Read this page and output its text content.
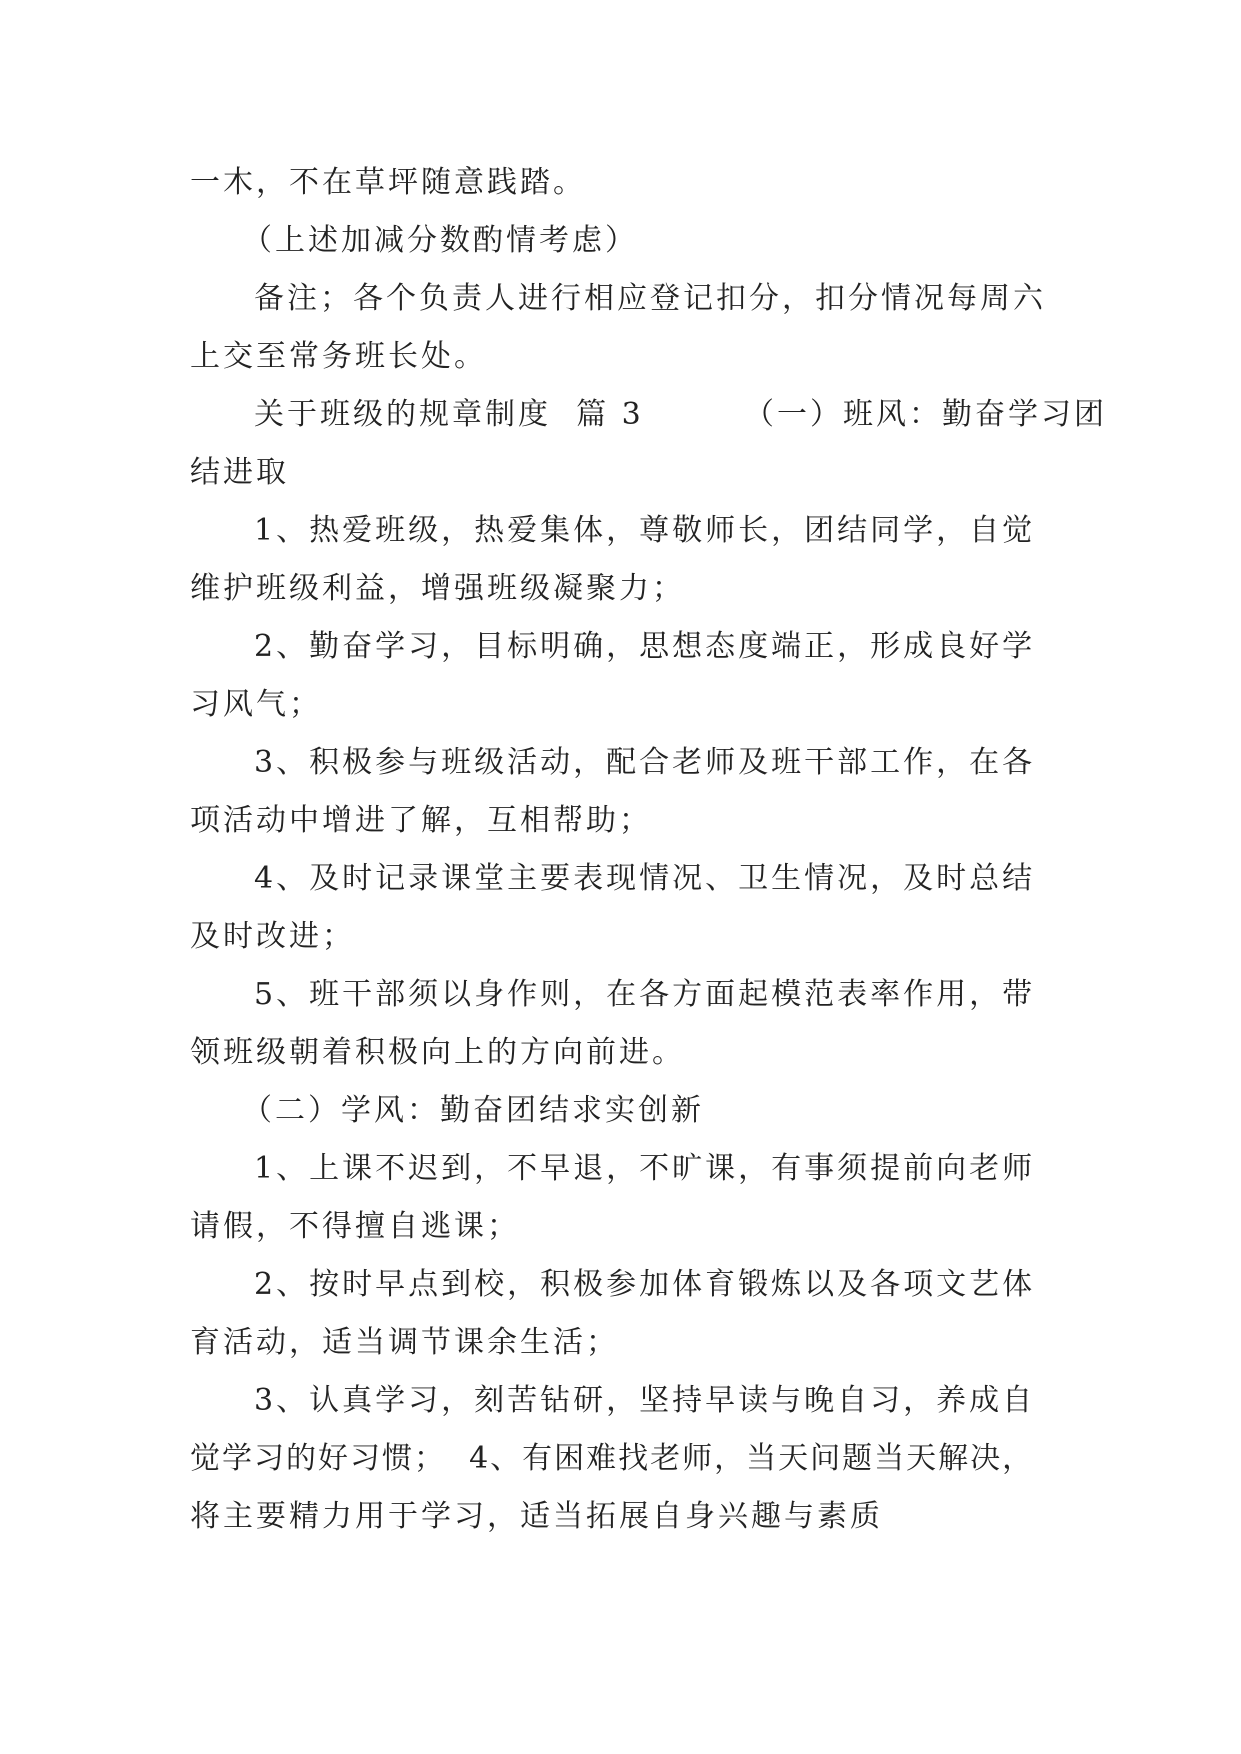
一木，不在草坪随意践踏。
（上述加减分数酌情考虑）
备注；各个负责人进行相应登记扣分，扣分情况每周六
上交至常务班长处。
关于班级的规章制度  篇 3        （一）班风：勤奋学习团
结进取
1、热爱班级，热爱集体，尊敬师长，团结同学，自觉
维护班级利益，增强班级凝聚力；
2、勤奋学习，目标明确，思想态度端正，形成良好学
习风气；
3、积极参与班级活动，配合老师及班干部工作，在各
项活动中增进了解，互相帮助；
4、及时记录课堂主要表现情况、卫生情况，及时总结
及时改进；
5、班干部须以身作则，在各方面起模范表率作用，带
领班级朝着积极向上的方向前进。
（二）学风：勤奋团结求实创新
1、上课不迟到，不早退，不旷课，有事须提前向老师
请假，不得擅自逃课；
2、按时早点到校，积极参加体育锻炼以及各项文艺体
育活动，适当调节课余生活；
3、认真学习，刻苦钻研，坚持早读与晚自习，养成自
觉学习的好习惯；  4、有困难找老师，当天问题当天解决，
将主要精力用于学习，适当拓展自身兴趣与素质
